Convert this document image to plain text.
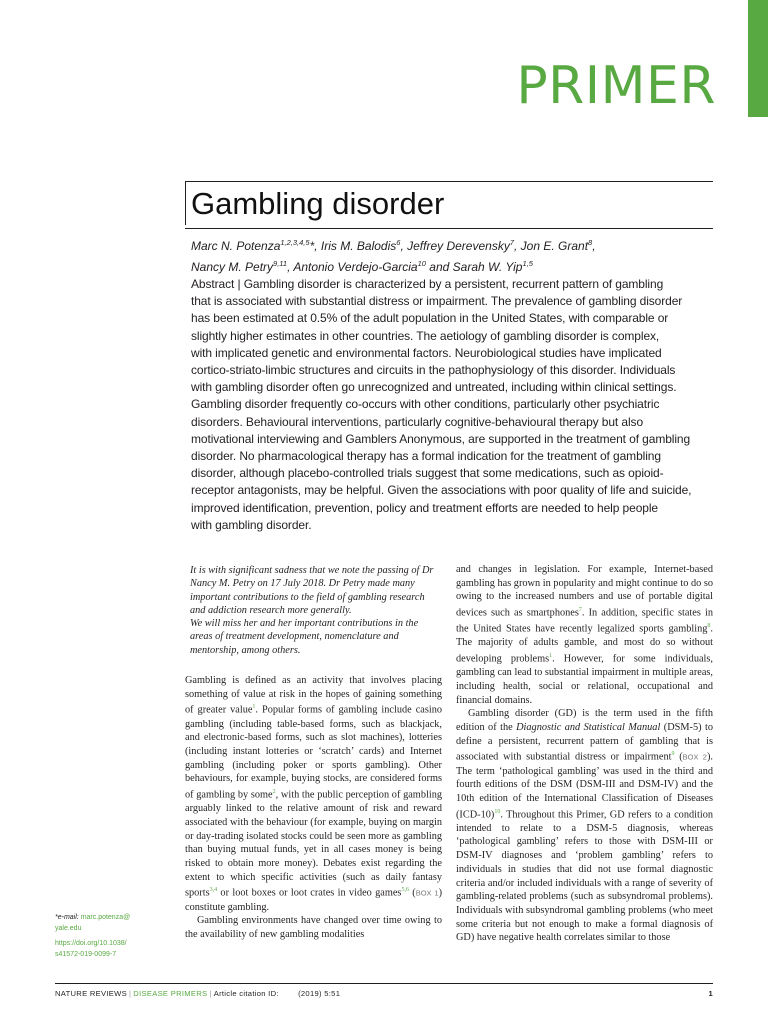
PRIMER
Gambling disorder
Marc N. Potenza$^{1,2,3,4,5}$*, Iris M. Balodis$^6$, Jeffrey Derevensky$^7$, Jon E. Grant$^8$,
Nancy M. Petry$^{9,11}$, Antonio Verdejo-Garcia$^{10}$ and Sarah W. Yip$^{1,5}$
Abstract | Gambling disorder is characterized by a persistent, recurrent pattern of gambling
that is associated with substantial distress or impairment. The prevalence of gambling disorder
has been estimated at 0.5% of the adult population in the United States, with comparable or
slightly higher estimates in other countries. The aetiology of gambling disorder is complex,
with implicated genetic and environmental factors. Neurobiological studies have implicated
cortico-striato-limbic structures and circuits in the pathophysiology of this disorder. Individuals
with gambling disorder often go unrecognized and untreated, including within clinical settings.
Gambling disorder frequently co-occurs with other conditions, particularly other psychiatric
disorders. Behavioural interventions, particularly cognitive-behavioural therapy but also
motivational interviewing and Gamblers Anonymous, are supported in the treatment of gambling
disorder. No pharmacological therapy has a formal indication for the treatment of gambling
disorder, although placebo-controlled trials suggest that some medications, such as opioid-
receptor antagonists, may be helpful. Given the associations with poor quality of life and suicide,
improved identification, prevention, policy and treatment efforts are needed to help people
with gambling disorder.

It is with significant sadness that we note the passing of Dr Nancy M. Petry on 17 July 2018. Dr Petry made many important contributions to the field of gambling research and addiction research more generally.

We will miss her and her important contributions in the areas of treatment development, nomenclature and mentorship, among others.

Gambling is defined as an activity that involves placing something of value at risk in the hopes of gaining something of greater value$^1$. Popular forms of gambling include casino gambling (including table-based forms, such as blackjack, and electronic-based forms, such as slot machines), lotteries (including instant lotteries or ‘scratch’ cards) and Internet gambling (including poker or sports gambling). Other behaviours, for example, buying stocks, are considered forms of gambling by some$^2$, with the public perception of gambling arguably linked to the relative amount of risk and reward associated with the behaviour (for example, buying on margin or day-trading isolated stocks could be seen more as gambling than buying mutual funds, yet in all cases money is being risked to obtain more money). Debates exist regarding the extent to which specific activities (such as daily fantasy sports$^{3,4}$ or loot boxes or loot crates in video games$^{5,6}$ (BOX 1) constitute gambling.

Gambling environments have changed over time owing to the availability of new gambling modalities

and changes in legislation. For example, Internet-based gambling has grown in popularity and might continue to do so owing to the increased numbers and use of portable digital devices such as smartphones$^7$. In addition, specific states in the United States have recently legalized sports gambling$^8$. The majority of adults gamble, and most do so without developing problems$^1$. However, for some individuals, gambling can lead to substantial impairment in multiple areas, including health, social or relational, occupational and financial domains.

Gambling disorder (GD) is the term used in the fifth edition of the Diagnostic and Statistical Manual (DSM-5) to define a persistent, recurrent pattern of gambling that is associated with substantial distress or impairment$^9$ (BOX 2). The term ‘pathological gambling’ was used in the third and fourth editions of the DSM (DSM-III and DSM-IV) and the 10th edition of the International Classification of Diseases (ICD-10)$^{10}$. Throughout this Primer, GD refers to a condition intended to relate to a DSM-5 diagnosis, whereas ‘pathological gambling’ refers to those with DSM-III or DSM-IV diagnoses and ‘problem gambling’ refers to individuals in studies that did not use formal diagnostic criteria and/or included individuals with a range of severity of gambling-related problems (such as subsyndromal problems). Individuals with subsyndromal gambling problems (who meet some criteria but not enough to make a formal diagnosis of GD) have negative health correlates similar to those

*e-mail: marc.potenza@
yale.edu
https://doi.org/10.1038/
s41572-019-0099-7
NATURE REVIEWS | DISEASE PRIMERS | Article citation ID:	(2019) 5:51	1
